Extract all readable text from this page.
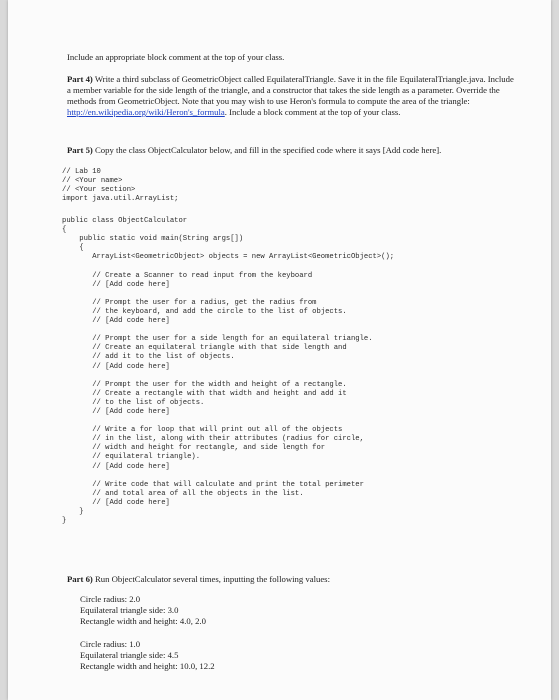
Include an appropriate block comment at the top of your class.
Part 4) Write a third subclass of GeometricObject called EquilateralTriangle. Save it in the file EquilateralTriangle.java. Include a member variable for the side length of the triangle, and a constructor that takes the side length as a parameter. Override the methods from GeometricObject. Note that you may wish to use Heron's formula to compute the area of the triangle: http://en.wikipedia.org/wiki/Heron's_formula. Include a block comment at the top of your class.
Part 5) Copy the class ObjectCalculator below, and fill in the specified code where it says [Add code here].
// Lab 10
// <Your name>
// <Your section>
import java.util.ArrayList;
public class ObjectCalculator
{
public static void main(String args[])
{
ArrayList<GeometricObject> objects = new ArrayList<GeometricObject>();

// Create a Scanner to read input from the keyboard
// [Add code here]

// Prompt the user for a radius, get the radius from
// the keyboard, and add the circle to the list of objects.
// [Add code here]

// Prompt the user for a side length for an equilateral triangle.
// Create an equilateral triangle with that side length and
// add it to the list of objects.
// [Add code here]

// Prompt the user for the width and height of a rectangle.
// Create a rectangle with that width and height and add it
// to the list of objects.
// [Add code here]

// Write a for loop that will print out all of the objects
// in the list, along with their attributes (radius for circle,
// width and height for rectangle, and side length for
// equilateral triangle).
// [Add code here]

// Write code that will calculate and print the total perimeter
// and total area of all the objects in the list.
// [Add code here]
}
}
Part 6) Run ObjectCalculator several times, inputting the following values:
Circle radius: 2.0
Equilateral triangle side: 3.0
Rectangle width and height: 4.0, 2.0
Circle radius: 1.0
Equilateral triangle side: 4.5
Rectangle width and height: 10.0, 12.2
